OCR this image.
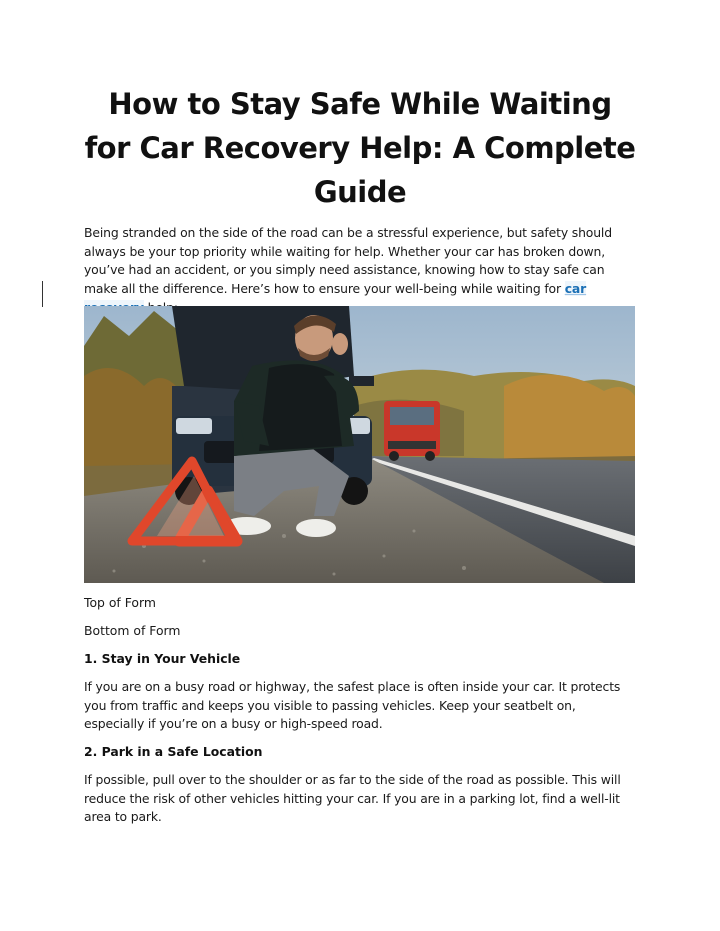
How to Stay Safe While Waiting for Car Recovery Help: A Complete Guide

Being stranded on the side of the road can be a stressful experience, but safety should always be your top priority while waiting for help. Whether your car has broken down, you’ve had an accident, or you simply need assistance, knowing how to stay safe can make all the difference. Here’s how to ensure your well-being while waiting for car

Top of Form

Bottom of Form

1. Stay in Your Vehicle

If you are on a busy road or highway, the safest place is often inside your car. It protects you from traffic and keeps you visible to passing vehicles. Keep your seatbelt on, especially if you’re on a busy or high-speed road.

2. Park in a Safe Location

If possible, pull over to the shoulder or as far to the side of the road as possible. This will reduce the risk of other vehicles hitting your car. If you are in a parking lot, find a well-lit area to park.
